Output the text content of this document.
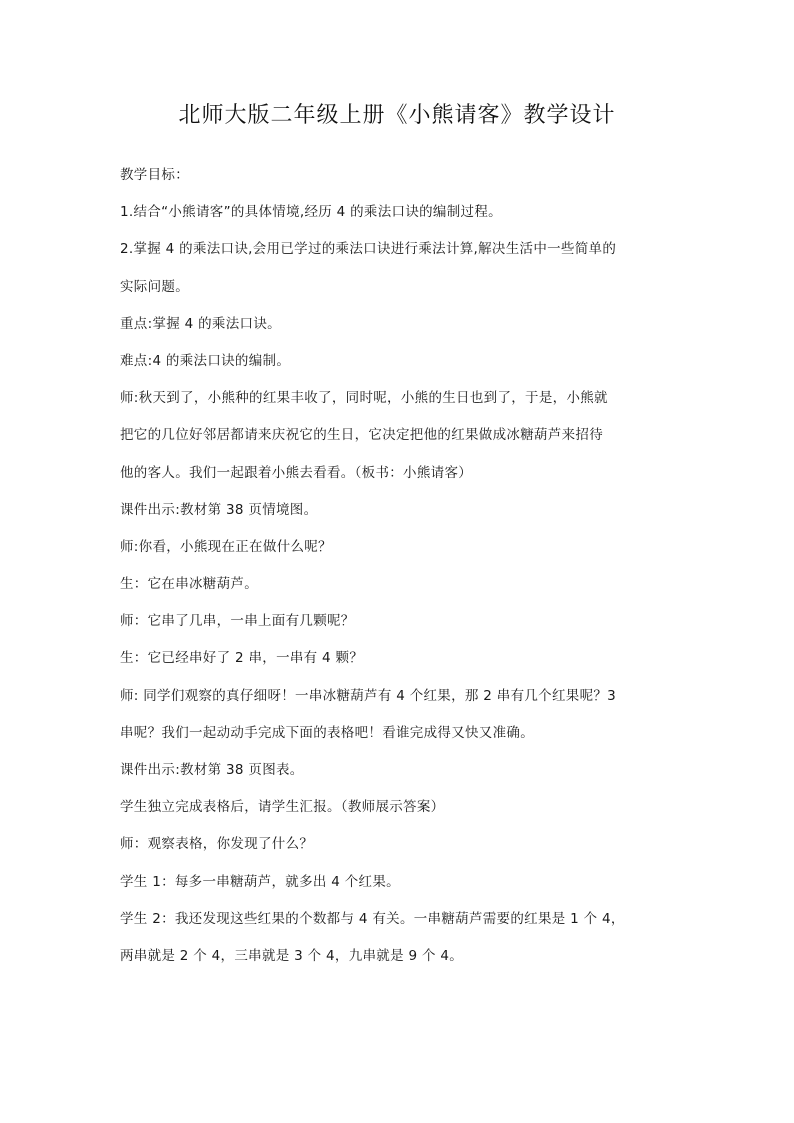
北师大版二年级上册《小熊请客》教学设计
教学目标：
1.结合“小熊请客”的具体情境,经历 4 的乘法口诀的编制过程。
2.掌握 4 的乘法口诀,会用已学过的乘法口诀进行乘法计算,解决生活中一些简单的
实际问题。
重点:掌握 4 的乘法口诀。
难点:4 的乘法口诀的编制。
师:秋天到了，小熊种的红果丰收了，同时呢，小熊的生日也到了，于是，小熊就
把它的几位好邻居都请来庆祝它的生日，它决定把他的红果做成冰糖葫芦来招待
他的客人。我们一起跟着小熊去看看。（板书：小熊请客）
课件出示:教材第 38 页情境图。
师:你看，小熊现在正在做什么呢？
生：它在串冰糖葫芦。
师：它串了几串，一串上面有几颗呢？
生：它已经串好了 2 串，一串有 4 颗？
师: 同学们观察的真仔细呀！一串冰糖葫芦有 4 个红果，那 2 串有几个红果呢？3
串呢？我们一起动动手完成下面的表格吧！看谁完成得又快又准确。
课件出示:教材第 38 页图表。
学生独立完成表格后，请学生汇报。（教师展示答案）
师：观察表格，你发现了什么？
学生 1：每多一串糖葫芦，就多出 4 个红果。
学生 2：我还发现这些红果的个数都与 4 有关。一串糖葫芦需要的红果是 1 个 4，
两串就是 2 个 4，三串就是 3 个 4，九串就是 9 个 4。
